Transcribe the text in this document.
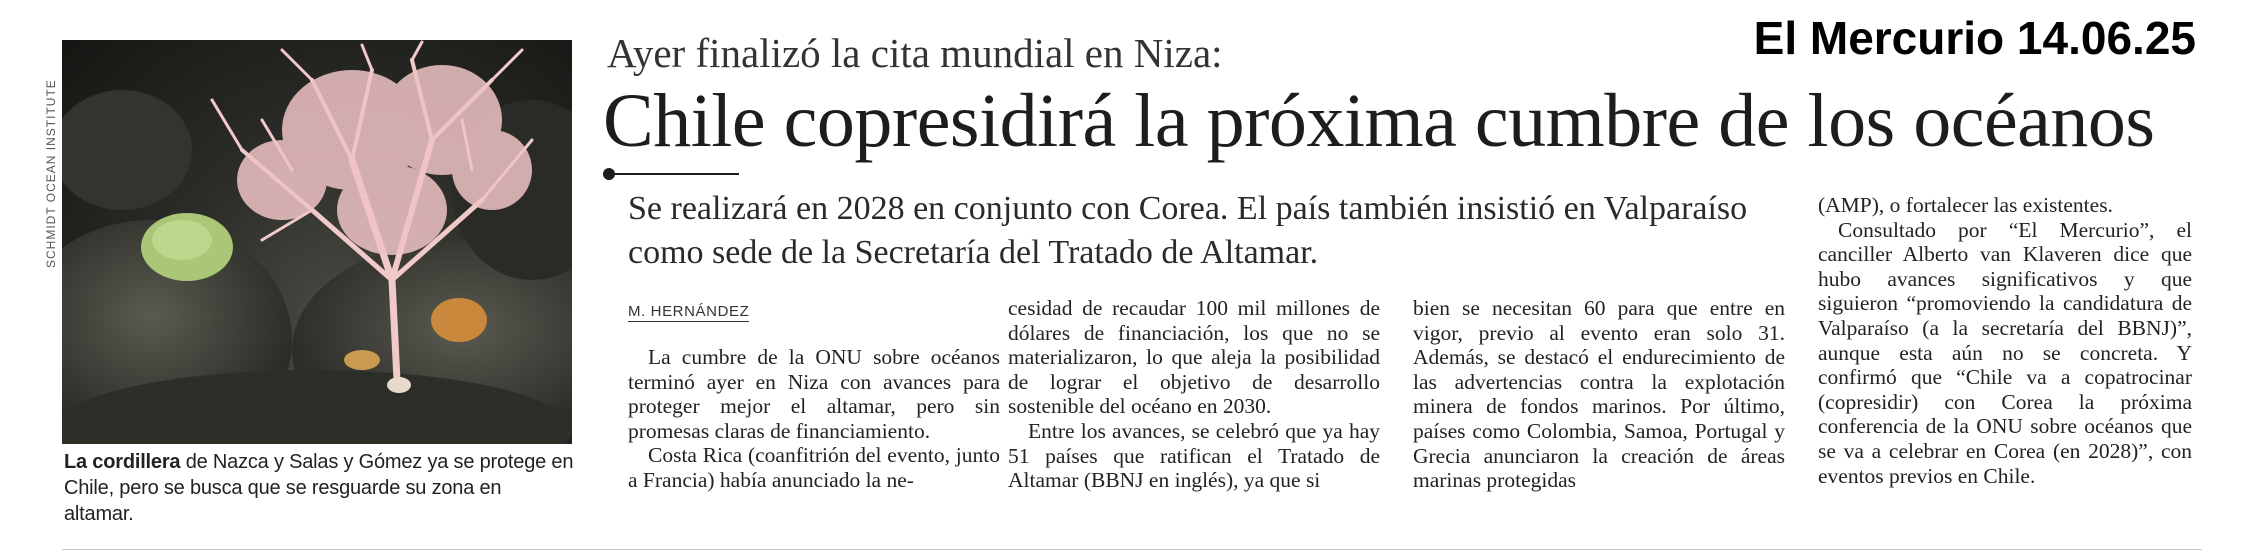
SCHMIDT OCEAN INSTITUTE
La cordillera de Nazca y Salas y Gómez ya se protege en Chile, pero se busca que se resguarde su zona en altamar.
El Mercurio 14.06.25
Ayer finalizó la cita mundial en Niza:
Chile copresidirá la próxima cumbre de los océanos
Se realizará en 2028 en conjunto con Corea. El país también insistió en Valparaíso como sede de la Secretaría del Tratado de Altamar.
M. HERNÁNDEZ

La cumbre de la ONU sobre océanos terminó ayer en Niza con avances para proteger mejor el altamar, pero sin promesas claras de financiamiento.

Costa Rica (coanfitrión del evento, junto a Francia) había anunciado la ne-

cesidad de recaudar 100 mil millones de dólares de financiación, los que no se materializaron, lo que aleja la posibilidad de lograr el objetivo de desarrollo sostenible del océano en 2030.

Entre los avances, se celebró que ya hay 51 países que ratifican el Tratado de Altamar (BBNJ en inglés), ya que si

bien se necesitan 60 para que entre en vigor, previo al evento eran solo 31. Además, se destacó el endurecimiento de las advertencias contra la explotación minera de fondos marinos. Por último, países como Colombia, Samoa, Portugal y Grecia anunciaron la creación de áreas marinas protegidas

(AMP), o fortalecer las existentes.

Consultado por “El Mercurio”, el canciller Alberto van Klaveren dice que hubo avances significativos y que siguieron “promoviendo la candidatura de Valparaíso (a la secretaría del BBNJ)”, aunque esta aún no se concreta. Y confirmó que “Chile va a copatrocinar (copresidir) con Corea la próxima conferencia de la ONU sobre océanos que se va a celebrar en Corea (en 2028)”, con eventos previos en Chile.
